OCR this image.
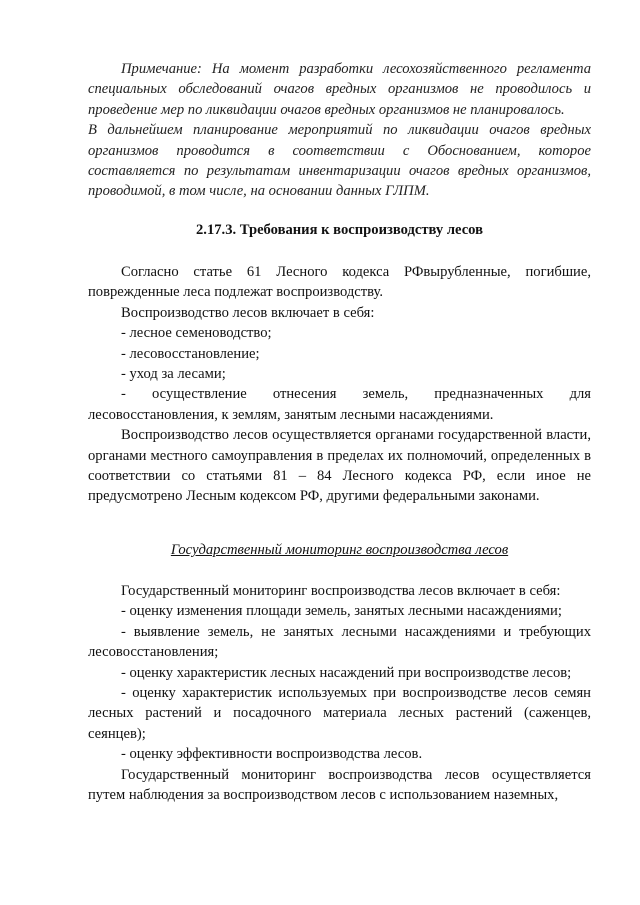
Примечание: На момент разработки лесохозяйственного регламента специальных обследований очагов вредных организмов не проводилось и проведение мер по ликвидации очагов вредных организмов не планировалось.

В дальнейшем планирование мероприятий по ликвидации очагов вредных организмов проводится в соответствии с Обоснованием, которое составляется по результатам инвентаризации очагов вредных организмов, проводимой, в том числе, на основании данных ГЛПМ.

2.17.3. Требования к воспроизводству лесов

Согласно статье 61 Лесного кодекса РФвырубленные, погибшие, поврежденные леса подлежат воспроизводству.

Воспроизводство лесов включает в себя:

- лесное семеноводство;

- лесовосстановление;

- уход за лесами;

- осуществление отнесения земель, предназначенных для лесовосстановления, к землям, занятым лесными насаждениями.

Воспроизводство лесов осуществляется органами государственной власти, органами местного самоуправления в пределах их полномочий, определенных в соответствии со статьями 81 – 84 Лесного кодекса РФ, если иное не предусмотрено Лесным кодексом РФ, другими федеральными законами.

Государственный мониторинг воспроизводства лесов

Государственный мониторинг воспроизводства лесов включает в себя:

- оценку изменения площади земель, занятых лесными насаждениями;

- выявление земель, не занятых лесными насаждениями и требующих лесовосстановления;

- оценку характеристик лесных насаждений при воспроизводстве лесов;

- оценку характеристик используемых при воспроизводстве лесов семян лесных растений и посадочного материала лесных растений (саженцев, сеянцев);

- оценку эффективности воспроизводства лесов.

Государственный мониторинг воспроизводства лесов осуществляется путем наблюдения за воспроизводством лесов с использованием наземных,
